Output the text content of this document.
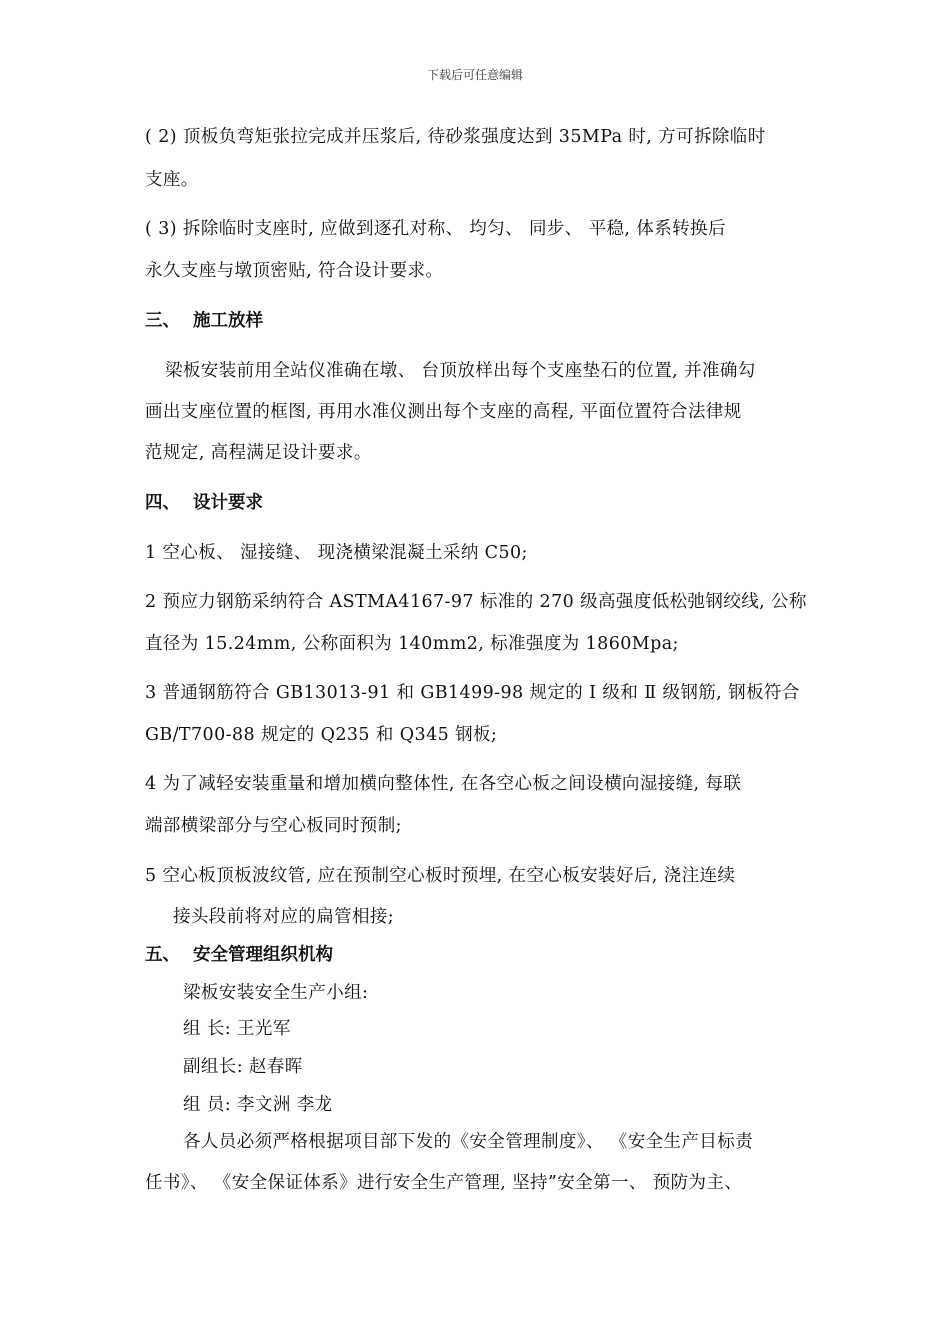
下载后可任意编辑
( 2) 顶板负弯矩张拉完成并压浆后, 待砂浆强度达到 35MPa 时, 方可拆除临时
支座。
( 3) 拆除临时支座时, 应做到逐孔对称、 均匀、 同步、 平稳, 体系转换后
永久支座与墩顶密贴, 符合设计要求。
三、 施工放样
梁板安装前用全站仪准确在墩、 台顶放样出每个支座垫石的位置, 并准确勾
画出支座位置的框图, 再用水准仪测出每个支座的高程, 平面位置符合法律规
范规定, 高程满足设计要求。
四、 设计要求
1 空心板、 湿接缝、 现浇横梁混凝土采纳 C50;
2 预应力钢筋采纳符合 ASTMA4167-97 标准的 270 级高强度低松弛钢绞线, 公称
直径为 15.24mm, 公称面积为 140mm2, 标准强度为 1860Mpa;
3 普通钢筋符合 GB13013-91 和 GB1499-98 规定的 Ⅰ 级和 Ⅱ 级钢筋, 钢板符合
GB/T700-88 规定的 Q235 和 Q345 钢板;
4 为了减轻安装重量和增加横向整体性, 在各空心板之间设横向湿接缝, 每联
端部横梁部分与空心板同时预制;
5 空心板顶板波纹管, 应在预制空心板时预埋, 在空心板安装好后, 浇注连续
接头段前将对应的扁管相接;
五、 安全管理组织机构
梁板安装安全生产小组:
组 长: 王光军
副组长: 赵春晖
组 员: 李文洲 李龙
各人员必须严格根据项目部下发的《安全管理制度》、 《安全生产目标责
任书》、 《安全保证体系》进行安全生产管理, 坚持”安全第一、 预防为主、
